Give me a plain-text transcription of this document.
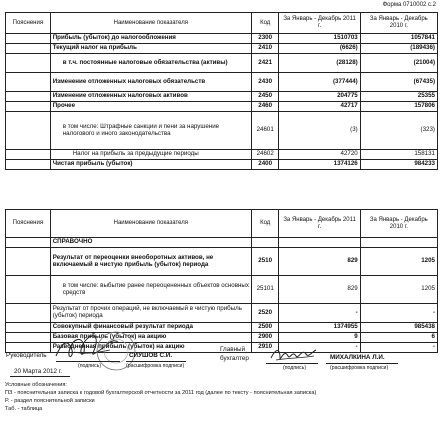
Форма 0710002 с.2
Пояснения	Наименование показателя	Код	За Январь - Декабрь 2011 г.	За Январь - Декабрь 2010 г.
	Прибыль (убыток) до налогообложения	2300	1510703	1057841
	Текущий налог на прибыль	2410	(6626)	(189436)
	в т.ч. постоянные налоговые обязательства (активы)	2421	(28128)	(21004)
	Изменение отложенных налоговых обязательств	2430	(377444)	(67435)
	Изменение отложенных налоговых активов	2450	204775	25355
	Прочее	2460	42717	157806
	в том числе: Штрафные санкции и пени за нарушение налогового и иного законодательства	24601	(3)	(323)
	Налог на прибыль за предыдущие периоды	24602	42720	158131
	Чистая прибыль (убыток)	2400	1374126	984233
Пояснения	Наименование показателя	Код	За Январь - Декабрь 2011 г.	За Январь - Декабрь 2010 г.
	СПРАВОЧНО			
	Результат от переоценки внеоборотных активов, не включаемый в чистую прибыль (убыток) периода	2510	829	1205
	в том числе: выбытие ранее переоцененных объектов основных средств	25101	829	1205
	Результат от прочих операций, не включаемый в чистую прибыль (убыток) периода	2520	-	-
	Совокупный финансовый результат периода	2500	1374955	985438
	Базовая прибыль (убыток) на акцию	2900	9	6
	Разводненная прибыль (убыток) на акцию	2910	-	-
Руководитель	СИУШОВ С.И.
(подпись)	(расшифровка подписи)
Главный
бухгалтер	МИХАЛКИНА Л.И.
(подпись)	(расшифровка подписи)
20 Марта 2012 г.
Условные обозначения:
ПЗ - пояснительная записка к годовой бухгалтерской отчетности за 2011 год (далее по тексту - пояснительная записка)
Р. - раздел пояснительной записки
Таб. - таблица
